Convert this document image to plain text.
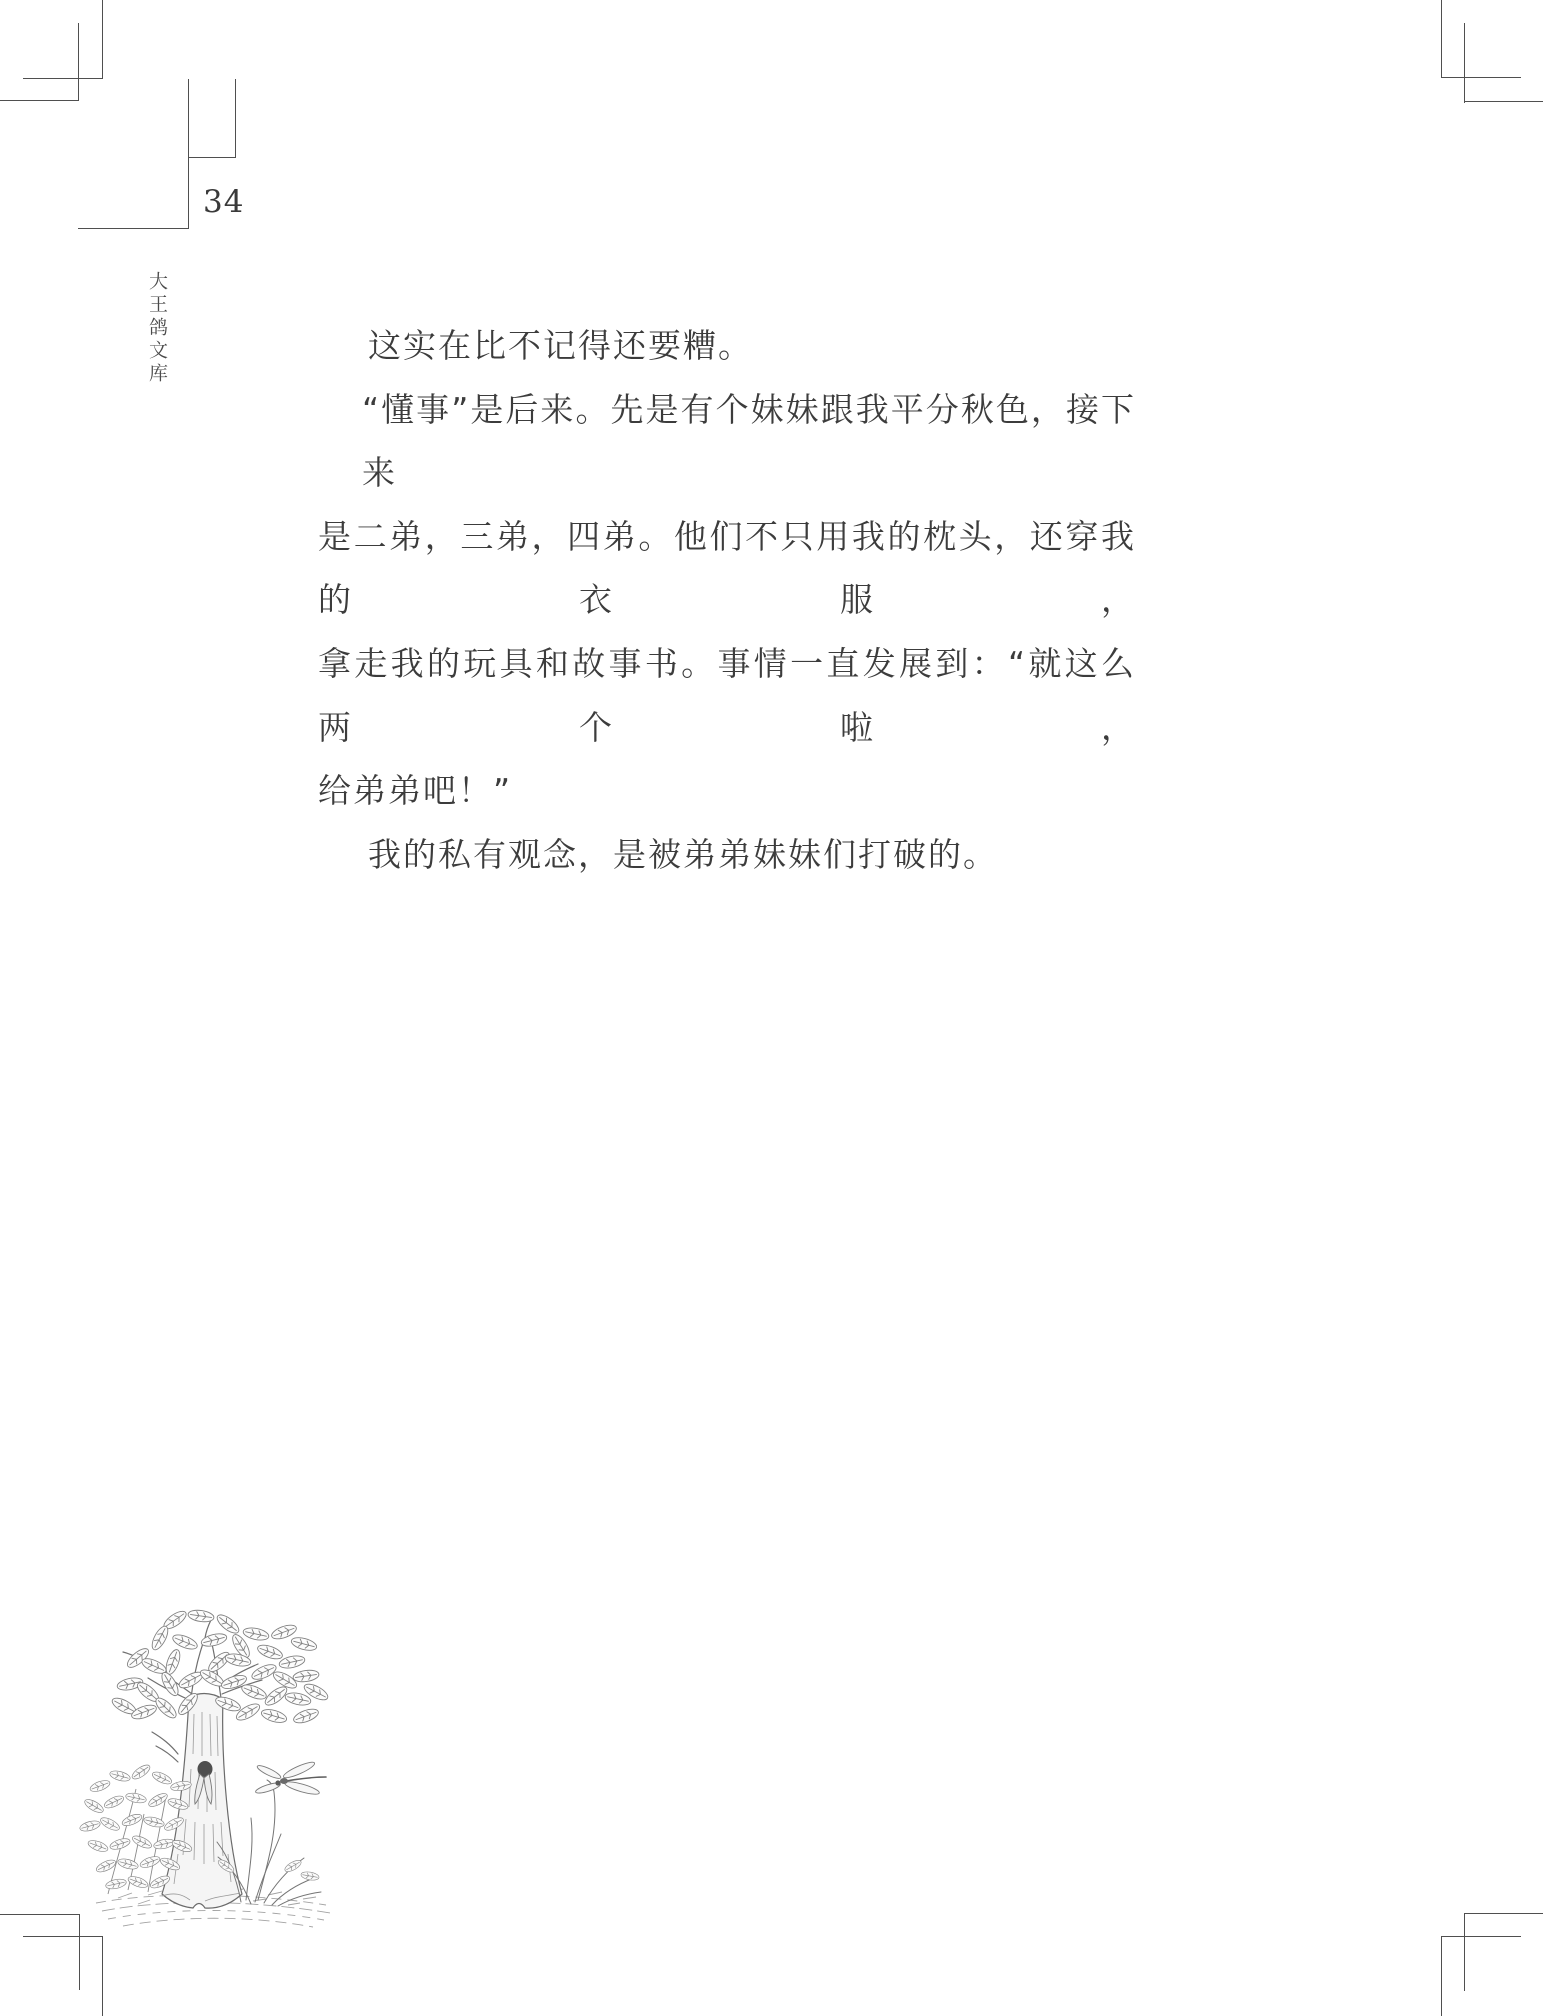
34
大王鸽文库	这实在比不记得还要糟。
“懂事”是后来。先是有个妹妹跟我平分秋色，接下来
是二弟，三弟，四弟。他们不只用我的枕头，还穿我的衣服，
拿走我的玩具和故事书。事情一直发展到：“就这么两个啦，
给弟弟吧！”
我的私有观念，是被弟弟妹妹们打破的。
